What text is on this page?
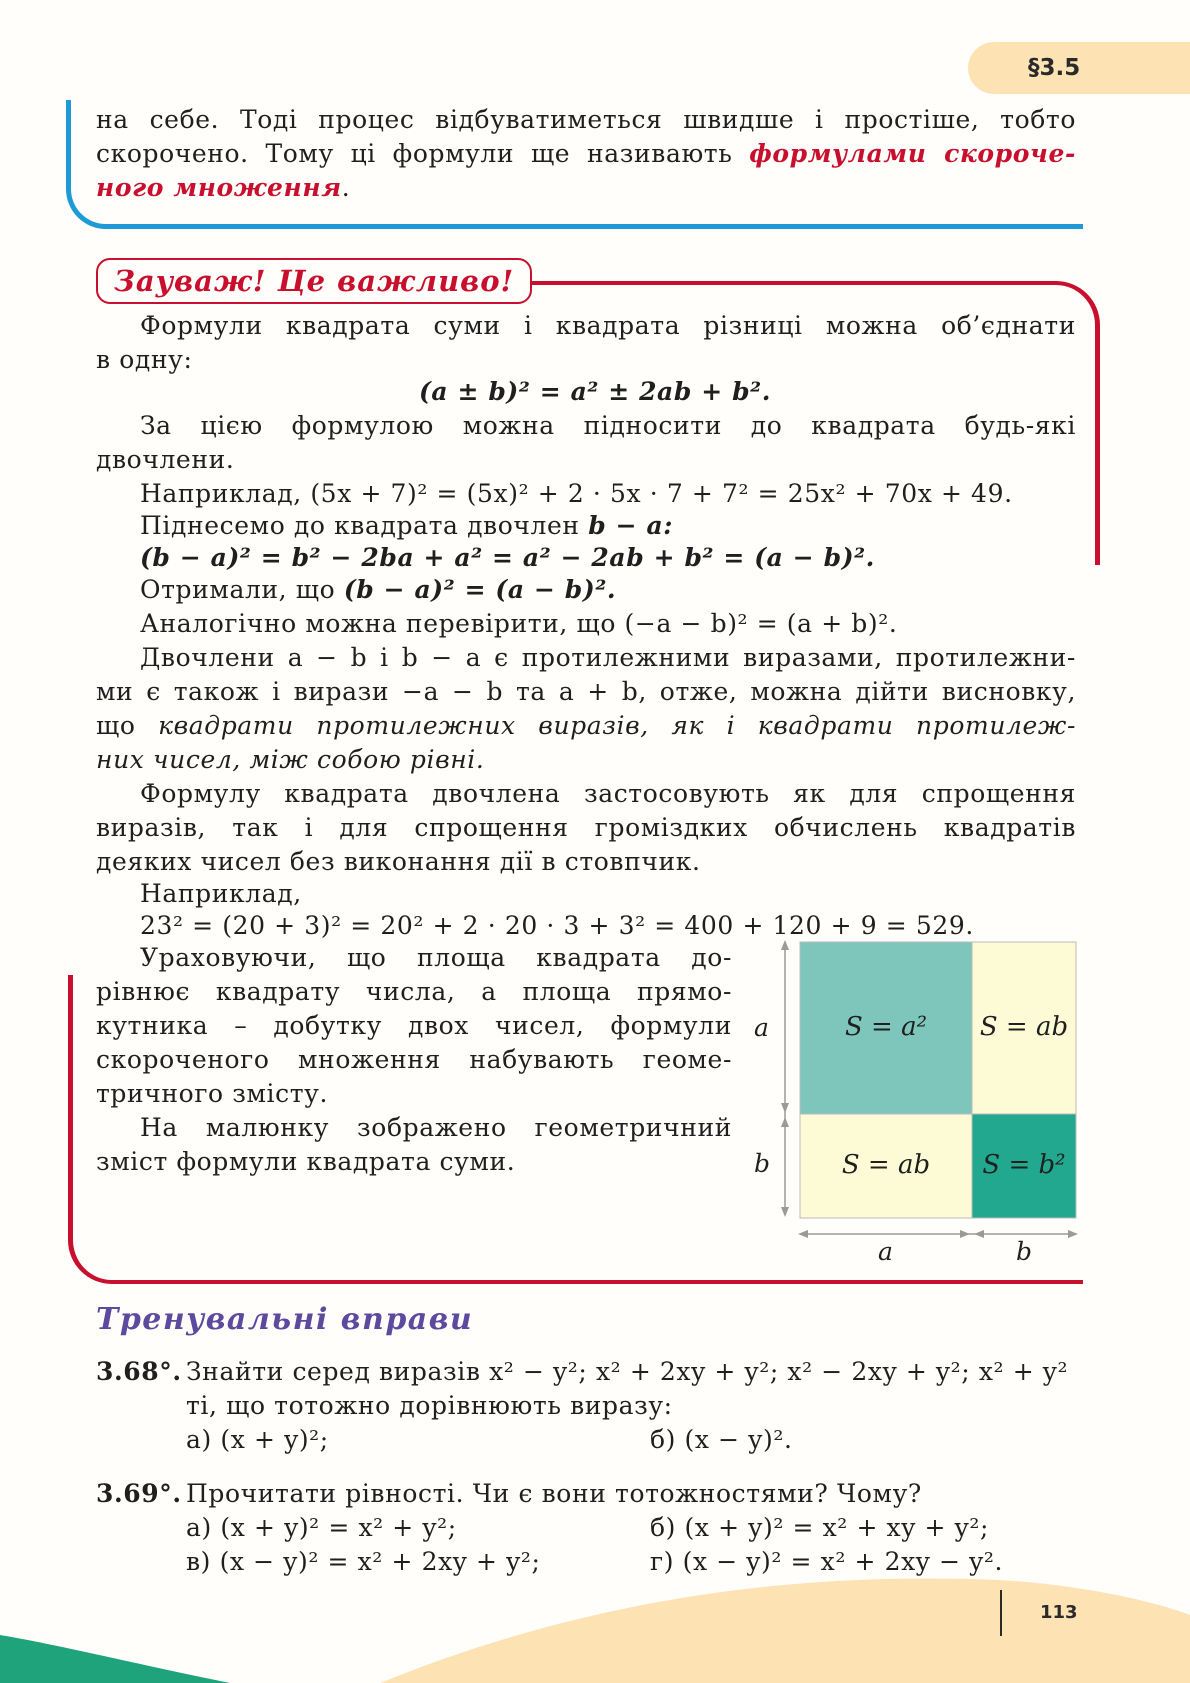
§3.5
на себе. Тоді процес відбуватиметься швидше і простіше, тобто
скорочено. Тому ці формули ще називають формулами скороче-
ного множення.
Зауваж! Це важливо!
Формули квадрата суми і квадрата різниці можна об’єднати
в одну:
(a ± b)² = a² ± 2ab + b².
За цією формулою можна підносити до квадрата будь-які
двочлени.
Наприклад, (5x + 7)² = (5x)² + 2 · 5x · 7 + 7² = 25x² + 70x + 49.
Піднесемо до квадрата двочлен b − a:
(b − a)² = b² − 2ba + a² = a² − 2ab + b² = (a − b)².
Отримали, що (b − a)² = (a − b)².
Аналогічно можна перевірити, що (−a − b)² = (a + b)².
Двочлени a − b і b − a є протилежними виразами, протилежни-
ми є також і вирази −a − b та a + b, отже, можна дійти висновку,
що квадрати протилежних виразів, як і квадрати протилеж-
них чисел, між собою рівні.
Формулу квадрата двочлена застосовують як для спрощення
виразів, так і для спрощення громіздких обчислень квадратів
деяких чисел без виконання дії в стовпчик.
Наприклад,
23² = (20 + 3)² = 20² + 2 · 20 · 3 + 3² = 400 + 120 + 9 = 529.
Ураховуючи, що площа квадрата до-
рівнює квадрату числа, а площа прямо-
кутника – добутку двох чисел, формули
скороченого множення набувають геоме-
тричного змісту.
На малюнку зображено геометричний
зміст формули квадрата суми.
S = a²	S = ab
S = ab	S = b²
a
b
a	b
Тренувальні вправи
3.68°. Знайти серед виразів x² − y²; x² + 2xy + y²; x² − 2xy + y²; x² + y²
ті, що тотожно дорівнюють виразу:
а) (x + y)²;	б) (x − y)².
3.69°. Прочитати рівності. Чи є вони тотожностями? Чому?
а) (x + y)² = x² + y²;	б) (x + y)² = x² + xy + y²;
в) (x − y)² = x² + 2xy + y²;	г) (x − y)² = x² + 2xy − y².
113
